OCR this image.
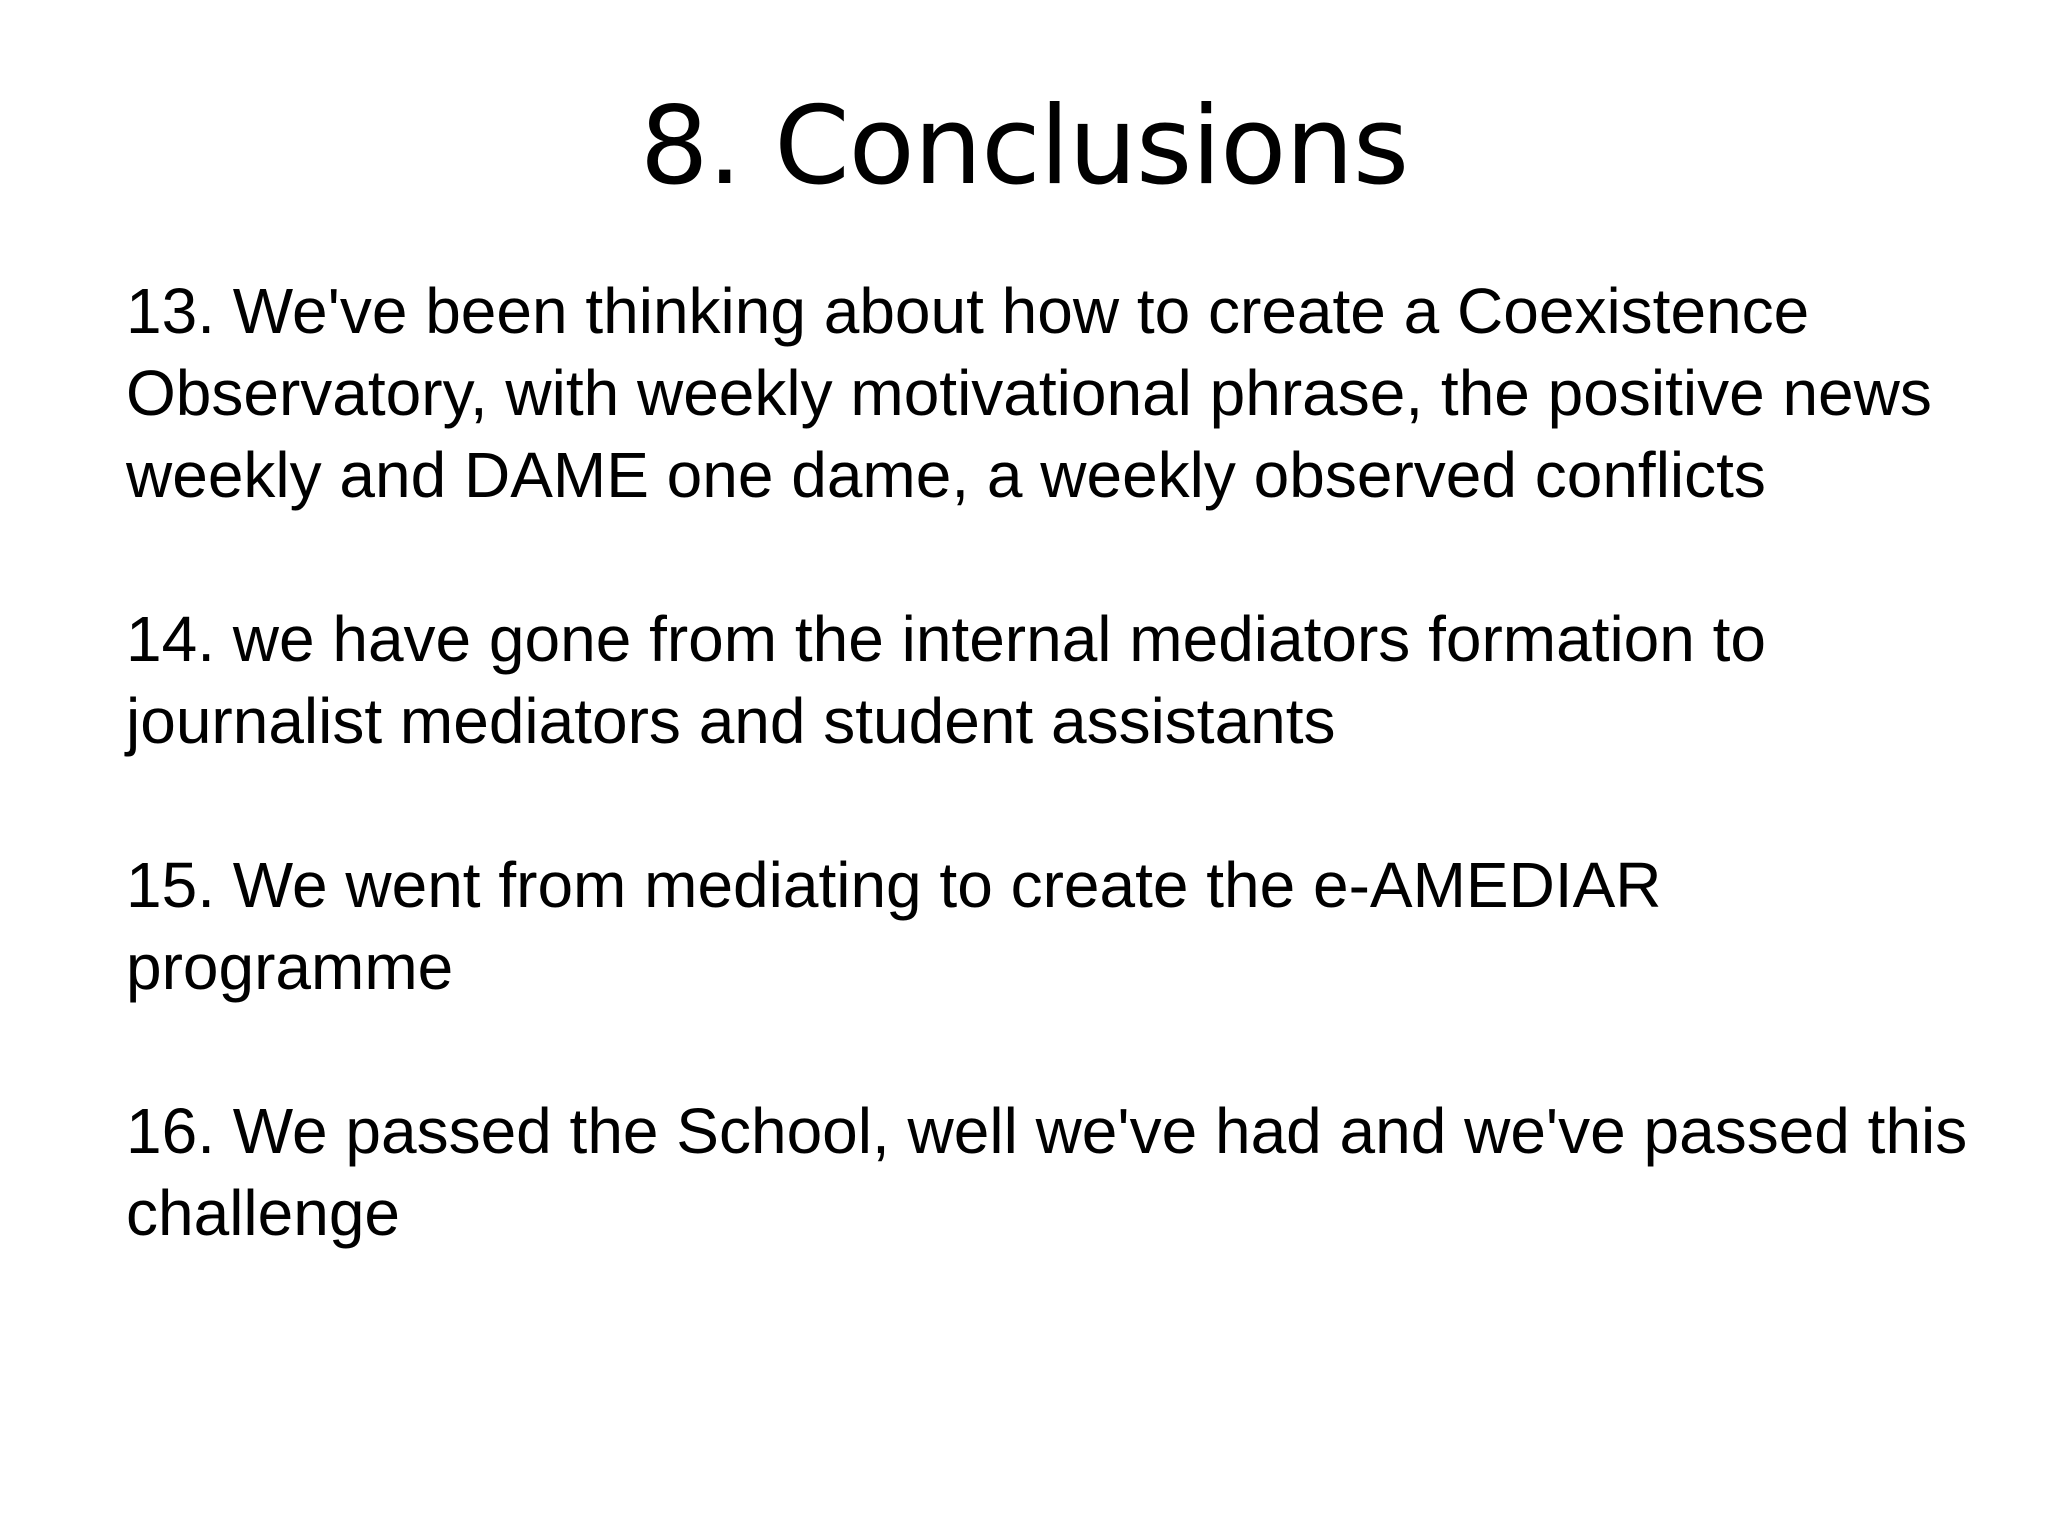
8. Conclusions

13. We've been thinking about how to create a Coexistence Observatory, with weekly motivational phrase, the positive news weekly and DAME one dame, a weekly observed conflicts

14. we have gone from the internal mediators formation to journalist mediators and student assistants

15. We went from mediating to create the e-AMEDIAR programme

16. We passed the School, well we've had and we've passed this challenge
